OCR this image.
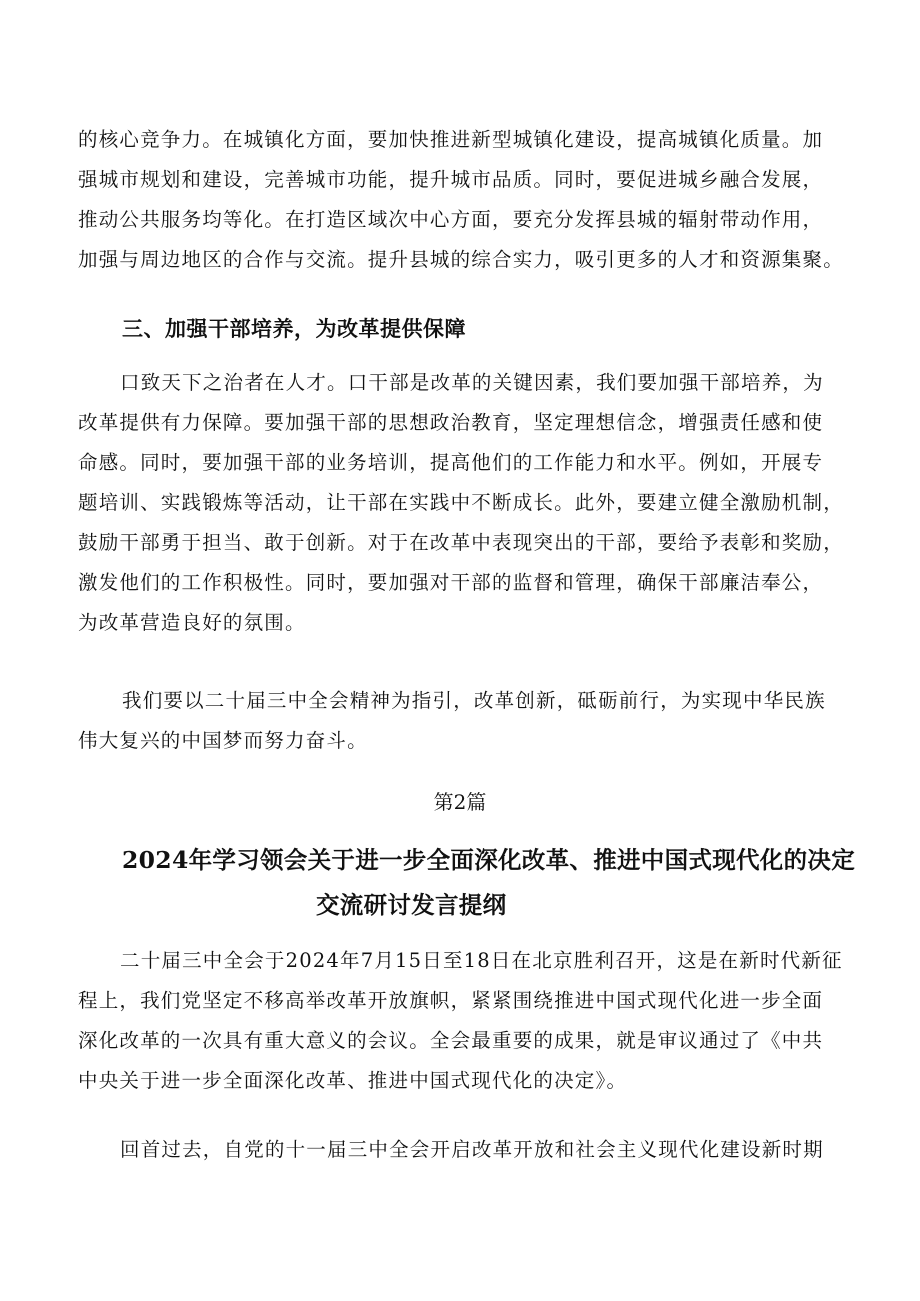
的核心竞争力。在城镇化方面，要加快推进新型城镇化建设，提高城镇化质量。加
强城市规划和建设，完善城市功能，提升城市品质。同时，要促进城乡融合发展，
推动公共服务均等化。在打造区域次中心方面，要充分发挥县城的辐射带动作用，
加强与周边地区的合作与交流。提升县城的综合实力，吸引更多的人才和资源集聚。
三、加强干部培养，为改革提供保障
口致天下之治者在人才。口干部是改革的关键因素，我们要加强干部培养，为
改革提供有力保障。要加强干部的思想政治教育，坚定理想信念，增强责任感和使
命感。同时，要加强干部的业务培训，提高他们的工作能力和水平。例如，开展专
题培训、实践锻炼等活动，让干部在实践中不断成长。此外，要建立健全激励机制，
鼓励干部勇于担当、敢于创新。对于在改革中表现突出的干部，要给予表彰和奖励，
激发他们的工作积极性。同时，要加强对干部的监督和管理，确保干部廉洁奉公，
为改革营造良好的氛围。
我们要以二十届三中全会精神为指引，改革创新，砥砺前行，为实现中华民族
伟大复兴的中国梦而努力奋斗。

第2篇

2024年学习领会关于进一步全面深化改革、推进中国式现代化的决定
交流研讨发言提纲
二十届三中全会于2024年7月15日至18日在北京胜利召开，这是在新时代新征
程上，我们党坚定不移高举改革开放旗帜，紧紧围绕推进中国式现代化进一步全面
深化改革的一次具有重大意义的会议。全会最重要的成果，就是审议通过了《中共
中央关于进一步全面深化改革、推进中国式现代化的决定》。
回首过去，自党的十一届三中全会开启改革开放和社会主义现代化建设新时期
